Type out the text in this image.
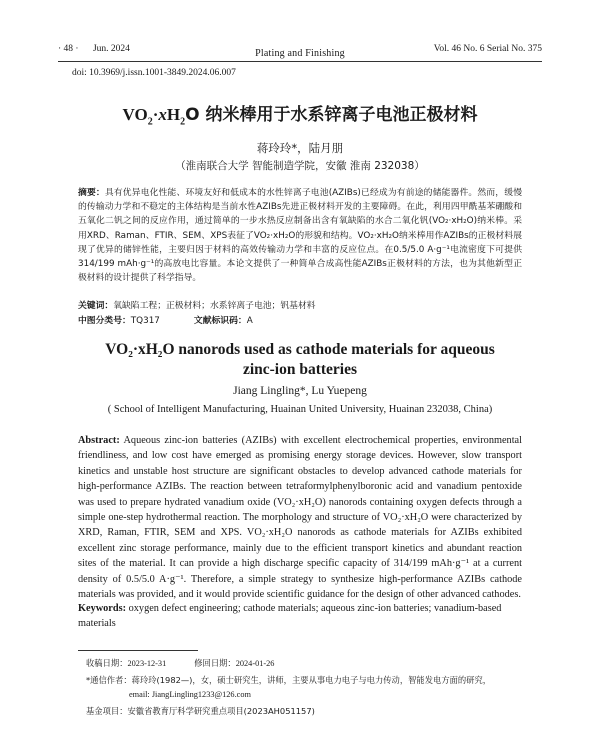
· 48 · Jun. 2024	Plating and Finishing	Vol. 46 No. 6 Serial No. 375
doi: 10.3969/j.issn.1001-3849.2024.06.007
$VO_2\cdot xH_2O$ 纳米棒用于水系锌离子电池正极材料
蒋玲玲*，陆月朋
（淮南联合大学 智能制造学院，安徽 淮南 232038）
摘要：具有优异电化性能、环境友好和低成本的水性锌离子电池(AZIBs)已经成为有前途的储能器件。然而，缓慢的传输动力学和不稳定的主体结构是当前水性AZIBs先进正极材料开发的主要障碍。在此，利用四甲酰基苯硼酸和五氧化二钒之间的反应作用，通过简单的一步水热反应制备出含有氧缺陷的水合二氧化钒(VO₂·xH₂O)纳米棒。采用XRD、Raman、FTIR、SEM、XPS表征了VO₂·xH₂O的形貌和结构。VO₂·xH₂O纳米棒用作AZIBs的正极材料展现了优异的储锌性能，主要归因于材料的高效传输动力学和丰富的反应位点。在0.5/5.0 A·g⁻¹电流密度下可提供314/199 mAh·g⁻¹的高放电比容量。本论文提供了一种简单合成高性能AZIBs正极材料的方法，也为其他新型正极材料的设计提供了科学指导。
关键词：氧缺陷工程；正极材料；水系锌离子电池；钒基材料
中图分类号：TQ317	文献标识码：A
VO₂·xH₂O nanorods used as cathode materials for aqueous
zinc-ion batteries
Jiang Lingling*, Lu Yuepeng
( School of Intelligent Manufacturing, Huainan United University, Huainan 232038, China)
Abstract: Aqueous zinc-ion batteries (AZIBs) with excellent electrochemical properties, environmental friendliness, and low cost have emerged as promising energy storage devices. However, slow transport kinetics and unstable host structure are significant obstacles to develop advanced cathode materials for high-performance AZIBs. The reaction between tetraformylphenylboronic acid and vanadium pentoxide was used to prepare hydrated vanadium oxide (VO₂·xH₂O) nanorods containing oxygen defects through a simple one-step hydrothermal reaction. The morphology and structure of VO₂·xH₂O were characterized by XRD, Raman, FTIR, SEM and XPS. VO₂·xH₂O nanorods as cathode materials for AZIBs exhibited excellent zinc storage performance, mainly due to the efficient transport kinetics and abundant reaction sites of the material. It can provide a high discharge specific capacity of 314/199 mAh·g⁻¹ at a current density of 0.5/5.0 A·g⁻¹. Therefore, a simple strategy to synthesize high-performance AZIBs cathode materials was provided, and it would provide scientific guidance for the design of other advanced cathodes.
Keywords: oxygen defect engineering; cathode materials; aqueous zinc-ion batteries; vanadium-based materials
收稿日期：2023-12-31	修回日期：2024-01-26
*通信作者：蒋玲玲(1982—)，女，硕士研究生，讲师，主要从事电力电子与电力传动，智能发电方面的研究，
email: JiangLingling1233@126.com
基金项目：安徽省教育厅科学研究重点项目(2023AH051157)
